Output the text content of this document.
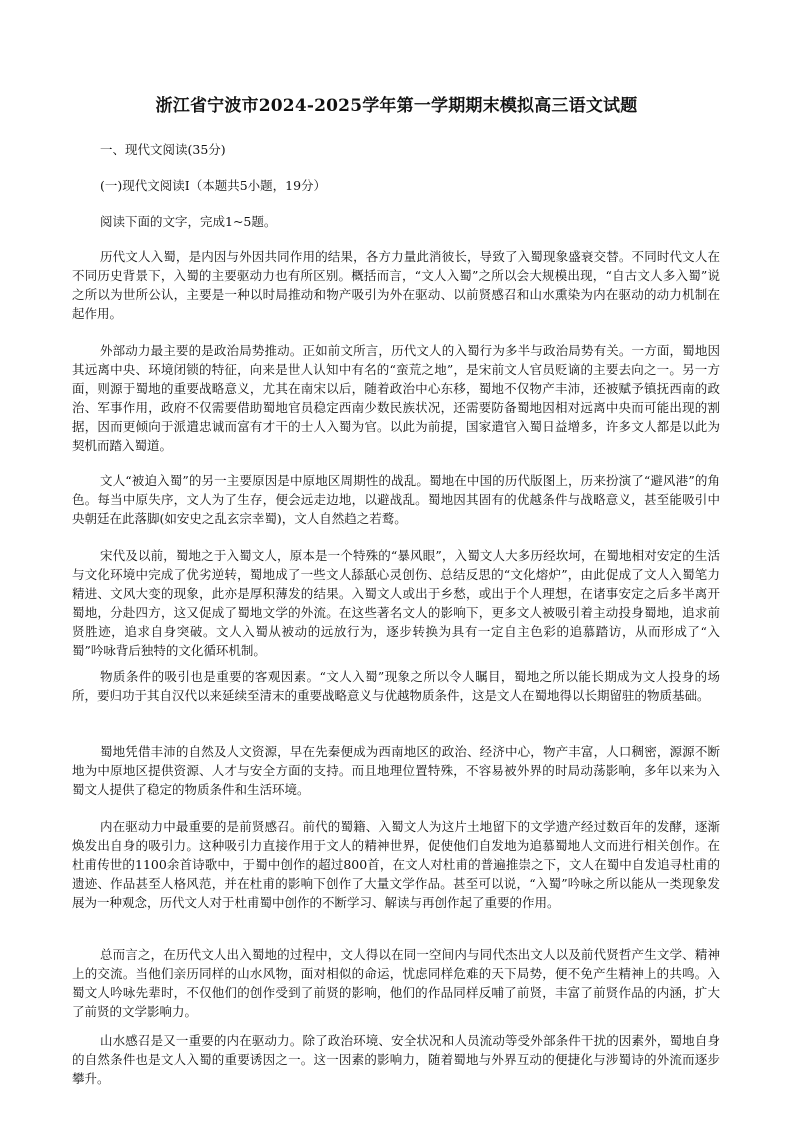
浙江省宁波市2024-2025学年第一学期期末模拟高三语文试题
一、现代文阅读(35分)
(一)现代文阅读Ⅰ（本题共5小题，19分）
阅读下面的文字，完成1~5题。

历代文人入蜀，是内因与外因共同作用的结果，各方力量此消彼长，导致了入蜀现象盛衰交替。不同时代文人在不同历史背景下，入蜀的主要驱动力也有所区别。概括而言，“文人入蜀”之所以会大规模出现，“自古文人多入蜀”说之所以为世所公认，主要是一种以时局推动和物产吸引为外在驱动、以前贤感召和山水熏染为内在驱动的动力机制在起作用。

外部动力最主要的是政治局势推动。正如前文所言，历代文人的入蜀行为多半与政治局势有关。一方面，蜀地因其远离中央、环境闭锁的特征，向来是世人认知中有名的“蛮荒之地”，是宋前文人官员贬谪的主要去向之一。另一方面，则源于蜀地的重要战略意义，尤其在南宋以后，随着政治中心东移，蜀地不仅物产丰沛，还被赋予镇抚西南的政治、军事作用，政府不仅需要借助蜀地官员稳定西南少数民族状况，还需要防备蜀地因相对远离中央而可能出现的割据，因而更倾向于派遣忠诚而富有才干的士人入蜀为官。以此为前提，国家遣官入蜀日益增多，许多文人都是以此为契机而踏入蜀道。

文人“被迫入蜀”的另一主要原因是中原地区周期性的战乱。蜀地在中国的历代版图上，历来扮演了“避风港”的角色。每当中原失序，文人为了生存，便会远走边地，以避战乱。蜀地因其固有的优越条件与战略意义，甚至能吸引中央朝廷在此落脚(如安史之乱玄宗幸蜀)，文人自然趋之若鹜。

宋代及以前，蜀地之于入蜀文人，原本是一个特殊的“暴风眼”，入蜀文人大多历经坎坷，在蜀地相对安定的生活与文化环境中完成了优劣逆转，蜀地成了一些文人舔舐心灵创伤、总结反思的“文化熔炉”，由此促成了文人入蜀笔力精进、文风大变的现象，此亦是厚积薄发的结果。入蜀文人或出于乡愁，或出于个人理想，在诸事安定之后多半离开蜀地，分赴四方，这又促成了蜀地文学的外流。在这些著名文人的影响下，更多文人被吸引着主动投身蜀地，追求前贤胜迹，追求自身突破。文人入蜀从被动的远放行为，逐步转换为具有一定自主色彩的追慕踏访，从而形成了“入蜀”吟咏背后独特的文化循环机制。

物质条件的吸引也是重要的客观因素。“文人入蜀”现象之所以令人瞩目，蜀地之所以能长期成为文人投身的场所，要归功于其自汉代以来延续至清末的重要战略意义与优越物质条件，这是文人在蜀地得以长期留驻的物质基础。

蜀地凭借丰沛的自然及人文资源，早在先秦便成为西南地区的政治、经济中心，物产丰富，人口稠密，源源不断地为中原地区提供资源、人才与安全方面的支持。而且地理位置特殊，不容易被外界的时局动荡影响，多年以来为入蜀文人提供了稳定的物质条件和生活环境。

内在驱动力中最重要的是前贤感召。前代的蜀籍、入蜀文人为这片土地留下的文学遗产经过数百年的发酵，逐渐焕发出自身的吸引力。这种吸引力直接作用于文人的精神世界，促使他们自发地为追慕蜀地人文而进行相关创作。在杜甫传世的1100余首诗歌中，于蜀中创作的超过800首，在文人对杜甫的普遍推崇之下，文人在蜀中自发追寻杜甫的遗迹、作品甚至人格风范，并在杜甫的影响下创作了大量文学作品。甚至可以说，“入蜀”吟咏之所以能从一类现象发展为一种观念，历代文人对于杜甫蜀中创作的不断学习、解读与再创作起了重要的作用。

总而言之，在历代文人出入蜀地的过程中，文人得以在同一空间内与同代杰出文人以及前代贤哲产生文学、精神上的交流。当他们亲历同样的山水风物，面对相似的命运，忧虑同样危难的天下局势，便不免产生精神上的共鸣。入蜀文人吟咏先辈时，不仅他们的创作受到了前贤的影响，他们的作品同样反哺了前贤，丰富了前贤作品的内涵，扩大了前贤的文学影响力。

山水感召是又一重要的内在驱动力。除了政治环境、安全状况和人员流动等受外部条件干扰的因素外，蜀地自身的自然条件也是文人入蜀的重要诱因之一。这一因素的影响力，随着蜀地与外界互动的便捷化与涉蜀诗的外流而逐步攀升。
